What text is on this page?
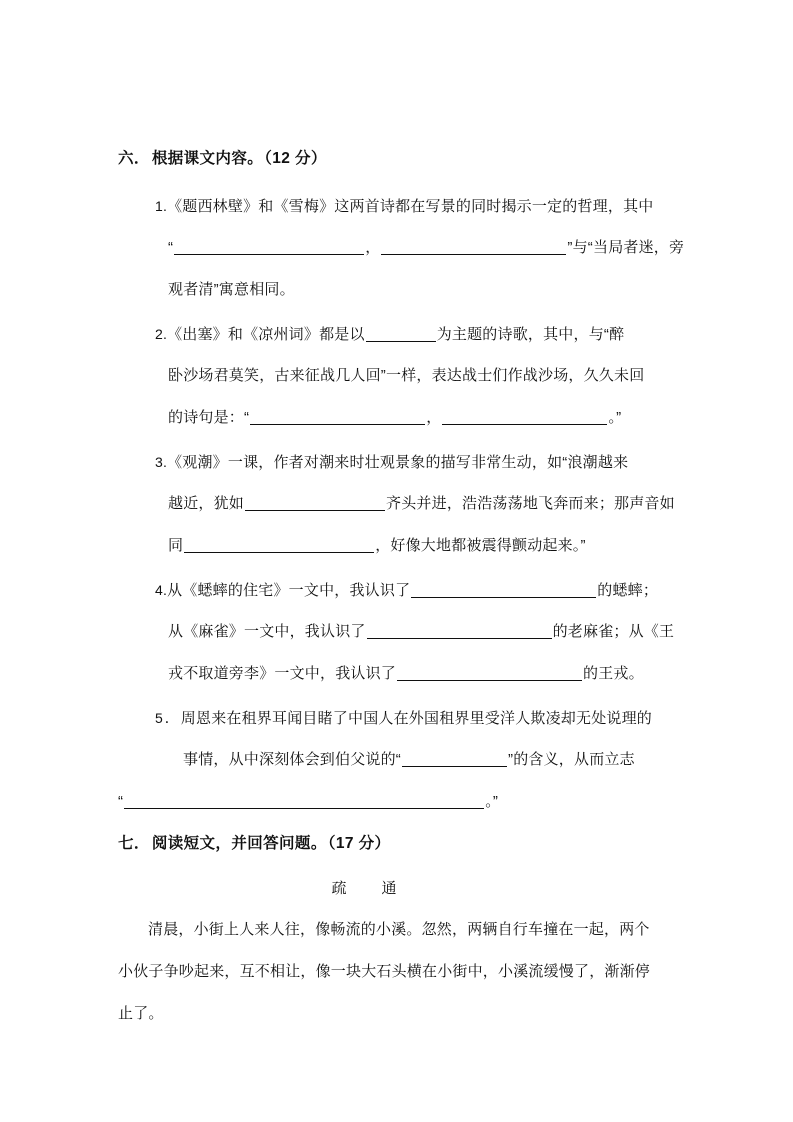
六． 根据课文内容。（12 分）
1.《题西林壁》和《雪梅》这两首诗都在写景的同时揭示一定的哲理，其中
“	，	”与“当局者迷，旁
观者清”寓意相同。
2.《出塞》和《凉州词》都是以	为主题的诗歌，其中，与“醉
卧沙场君莫笑，古来征战几人回”一样，表达战士们作战沙场，久久未回
的诗句是：“	，	。”
3.《观潮》一课，作者对潮来时壮观景象的描写非常生动，如“浪潮越来
越近，犹如	齐头并进，浩浩荡荡地飞奔而来；那声音如
同	，好像大地都被震得颤动起来。”
4.从《蟋蟀的住宅》一文中，我认识了	的蟋蟀；
从《麻雀》一文中，我认识了	的老麻雀；从《王
戎不取道旁李》一文中，我认识了	的王戎。
5．周恩来在租界耳闻目睹了中国人在外国租界里受洋人欺凌却无处说理的
事情，从中深刻体会到伯父说的“	”的含义，从而立志
“	。”
七． 阅读短文，并回答问题。（17 分）
疏　通
清晨，小街上人来人往，像畅流的小溪。忽然，两辆自行车撞在一起，两个
小伙子争吵起来，互不相让，像一块大石头横在小街中，小溪流缓慢了，渐渐停
止了。
